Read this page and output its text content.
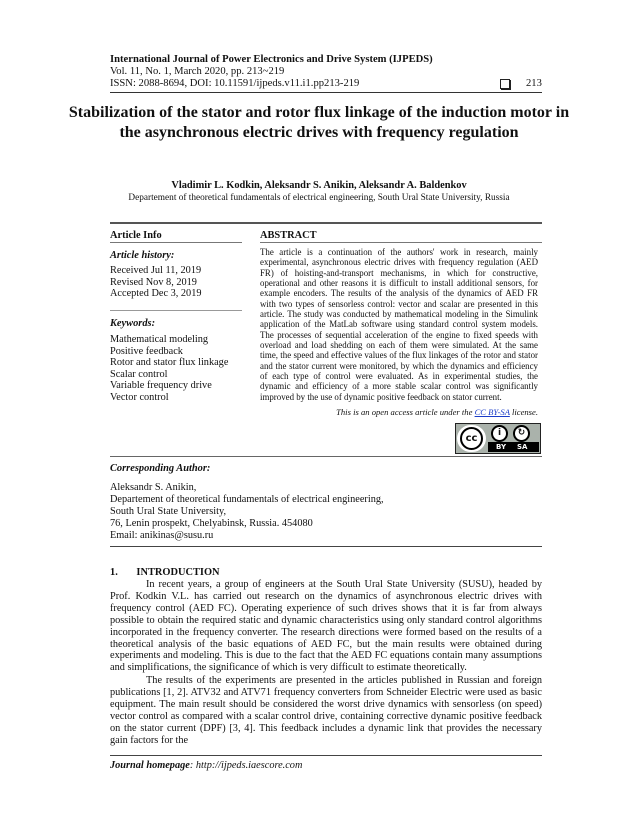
International Journal of Power Electronics and Drive System (IJPEDS)
Vol. 11, No. 1, March 2020, pp. 213~219
ISSN: 2088-8694, DOI: 10.11591/ijpeds.v11.i1.pp213-219	213
Stabilization of the stator and rotor flux linkage of the induction motor in the asynchronous electric drives with frequency regulation
Vladimir L. Kodkin, Aleksandr S. Anikin, Aleksandr A. Baldenkov
Departement of theoretical fundamentals of electrical engineering, South Ural State University, Russia
Article Info	ABSTRACT
Article history:
Received Jul 11, 2019
Revised Nov 8, 2019
Accepted Dec 3, 2019
Keywords:
Mathematical modeling
Positive feedback
Rotor and stator flux linkage
Scalar control
Variable frequency drive
Vector control
The article is a continuation of the authors' work in research, mainly experimental, asynchronous electric drives with frequency regulation (AED FR) of hoisting-and-transport mechanisms, in which for constructive, operational and other reasons it is difficult to install additional sensors, for example encoders. The results of the analysis of the dynamics of AED FR with two types of sensorless control: vector and scalar are presented in this article. The study was conducted by mathematical modeling in the Simulink application of the MatLab software using standard control system models. The processes of sequential acceleration of the engine to fixed speeds with overload and load shedding on each of them were simulated. At the same time, the speed and effective values of the flux linkages of the rotor and stator and the stator current were monitored, by which the dynamics and efficiency of each type of control were evaluated. As in experimental studies, the dynamic and efficiency of a more stable scalar control was significantly improved by the use of dynamic positive feedback on stator current.
This is an open access article under the CC BY-SA license.
cc	i	↻
BY SA
Corresponding Author:
Aleksandr S. Anikin,
Departement of theoretical fundamentals of electrical engineering,
South Ural State University,
76, Lenin prospekt, Chelyabinsk, Russia. 454080
Email: anikinas@susu.ru
1. INTRODUCTION
In recent years, a group of engineers at the South Ural State University (SUSU), headed by Prof. Kodkin V.L. has carried out research on the dynamics of asynchronous electric drives with frequency control (AED FC). Operating experience of such drives shows that it is far from always possible to obtain the required static and dynamic characteristics using only standard control algorithms incorporated in the frequency converter. The research directions were formed based on the results of a theoretical analysis of the basic equations of AED FC, but the main results were obtained during experiments and modeling. This is due to the fact that the AED FC equations contain many assumptions and simplifications, the significance of which is very difficult to estimate theoretically.
The results of the experiments are presented in the articles published in Russian and foreign publications [1, 2]. ATV32 and ATV71 frequency converters from Schneider Electric were used as basic equipment. The main result should be considered the worst drive dynamics with sensorless (on speed) vector control as compared with a scalar control drive, containing corrective dynamic positive feedback on the stator current (DPF) [3, 4]. This feedback includes a dynamic link that provides the necessary gain factors for the
Journal homepage: http://ijpeds.iaescore.com
